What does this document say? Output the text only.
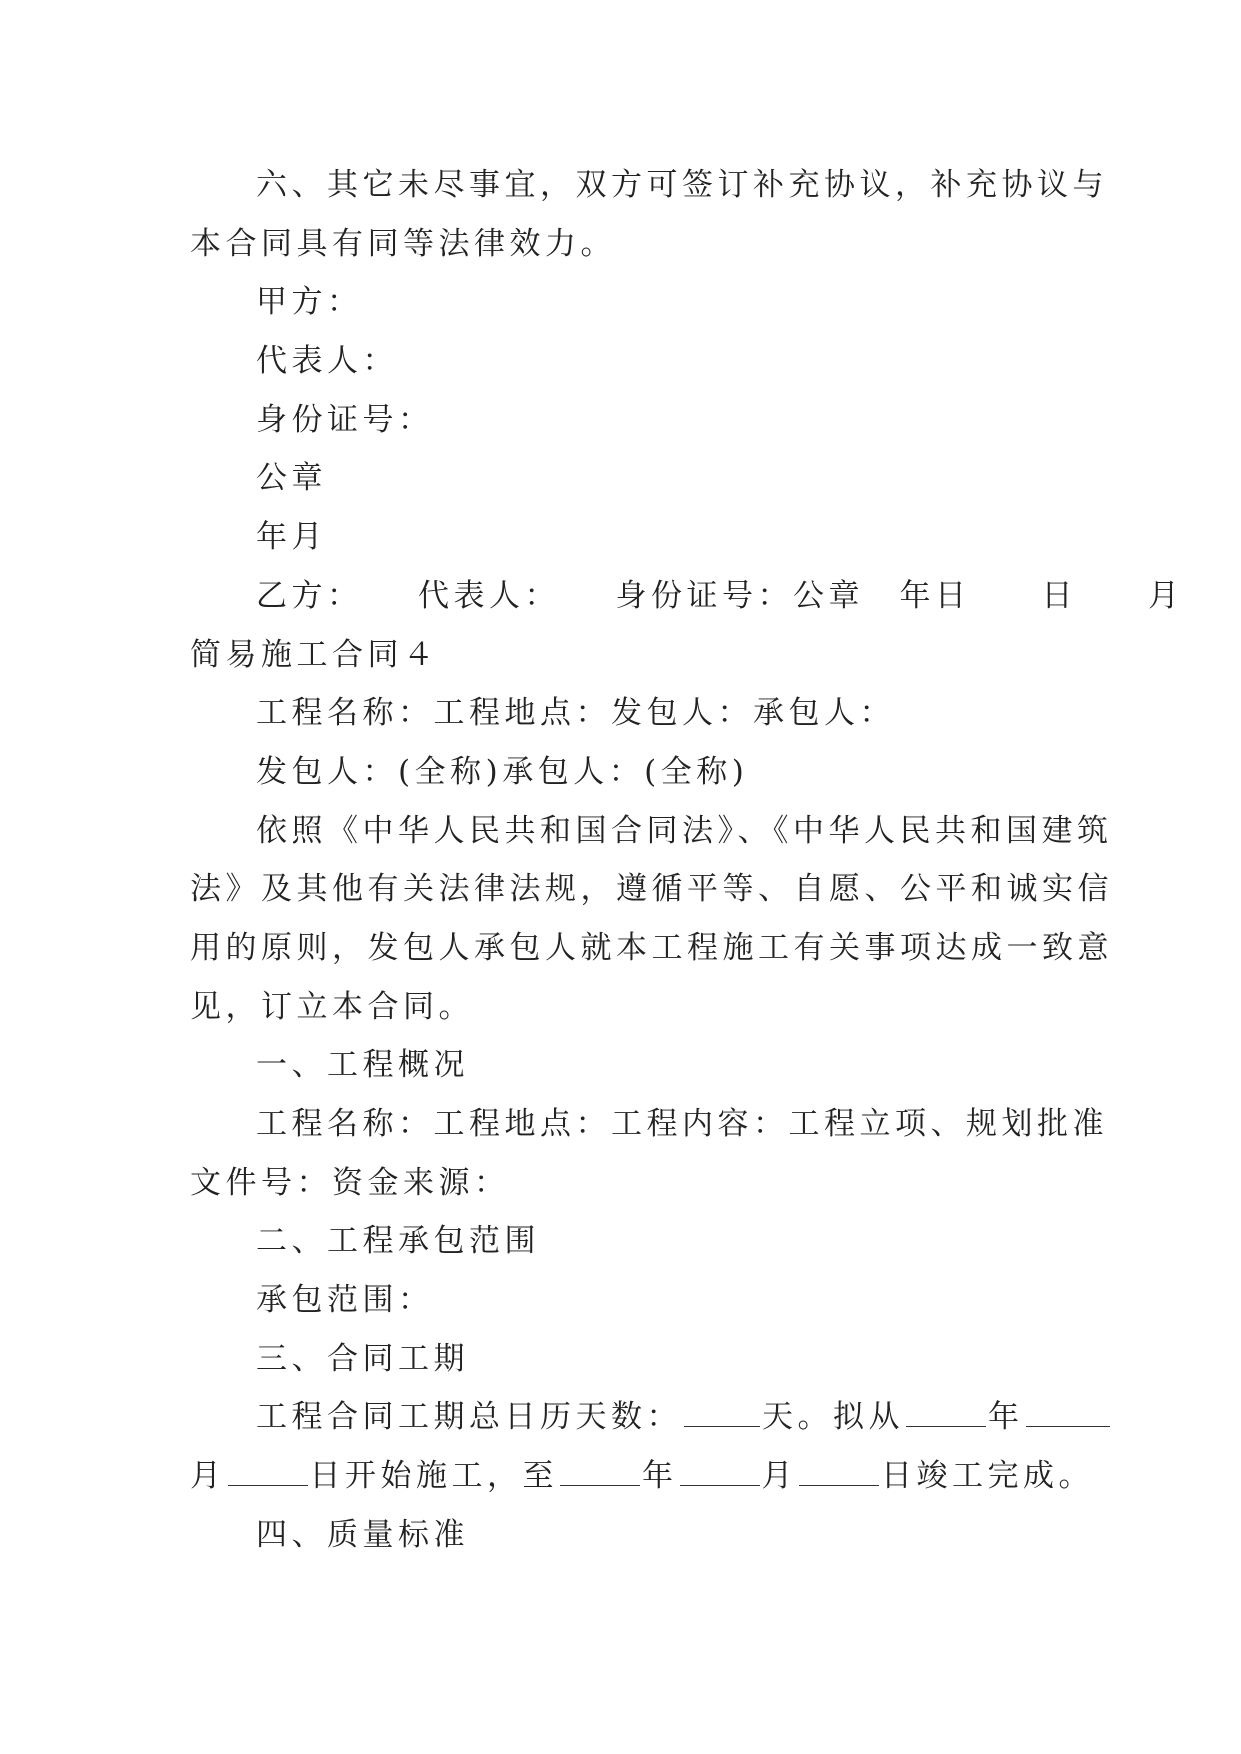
六、其它未尽事宜，双方可签订补充协议，补充协议与

本合同具有同等法律效力。

甲方：

代表人：

身份证号：

公章

年月

乙方：　　代表人：　　身份证号：公章　年日　　日　　月

简易施工合同４

工程名称：工程地点：发包人：承包人：

发包人：(全称)承包人：(全称)

依照《中华人民共和国合同法》、《中华人民共和国建筑

法》及其他有关法律法规，遵循平等、自愿、公平和诚实信

用的原则，发包人承包人就本工程施工有关事项达成一致意

见，订立本合同。

一、工程概况

工程名称：工程地点：工程内容：工程立项、规划批准

文件号：资金来源：

二、工程承包范围

承包范围：

三、合同工期

工程合同工期总日历天数：	天。拟从	年

月	日开始施工，至	年	月	日竣工完成。

四、质量标准
